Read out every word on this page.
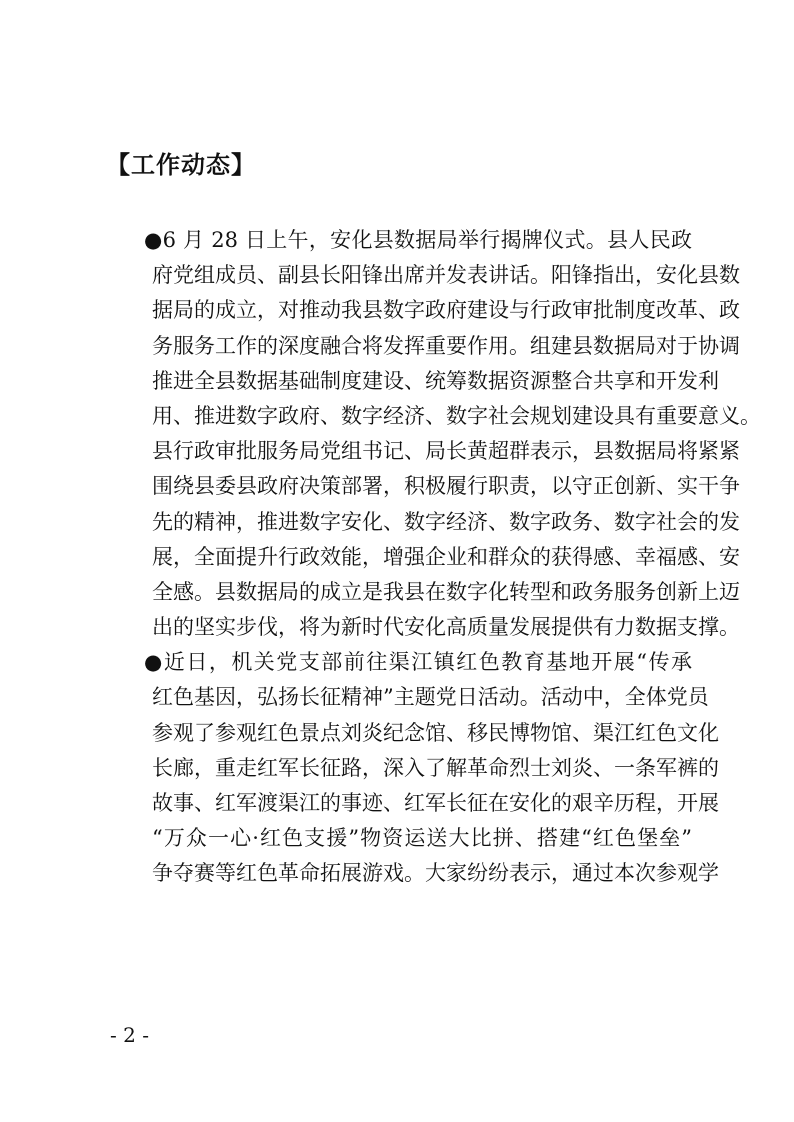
【工作动态】
●6 月 28 日上午，安化县数据局举行揭牌仪式。县人民政
府党组成员、副县长阳锋出席并发表讲话。阳锋指出，安化县数
据局的成立，对推动我县数字政府建设与行政审批制度改革、政
务服务工作的深度融合将发挥重要作用。组建县数据局对于协调
推进全县数据基础制度建设、统筹数据资源整合共享和开发利
用、推进数字政府、数字经济、数字社会规划建设具有重要意义。
县行政审批服务局党组书记、局长黄超群表示，县数据局将紧紧
围绕县委县政府决策部署，积极履行职责，以守正创新、实干争
先的精神，推进数字安化、数字经济、数字政务、数字社会的发
展，全面提升行政效能，增强企业和群众的获得感、幸福感、安
全感。县数据局的成立是我县在数字化转型和政务服务创新上迈
出的坚实步伐，将为新时代安化高质量发展提供有力数据支撑。
●近日，机关党支部前往渠江镇红色教育基地开展“传承
红色基因，弘扬长征精神”主题党日活动。活动中，全体党员
参观了参观红色景点刘炎纪念馆、移民博物馆、渠江红色文化
长廊，重走红军长征路，深入了解革命烈士刘炎、一条军裤的
故事、红军渡渠江的事迹、红军长征在安化的艰辛历程，开展
“万众一心·红色支援”物资运送大比拼、搭建“红色堡垒”
争夺赛等红色革命拓展游戏。大家纷纷表示，通过本次参观学
- 2 -
